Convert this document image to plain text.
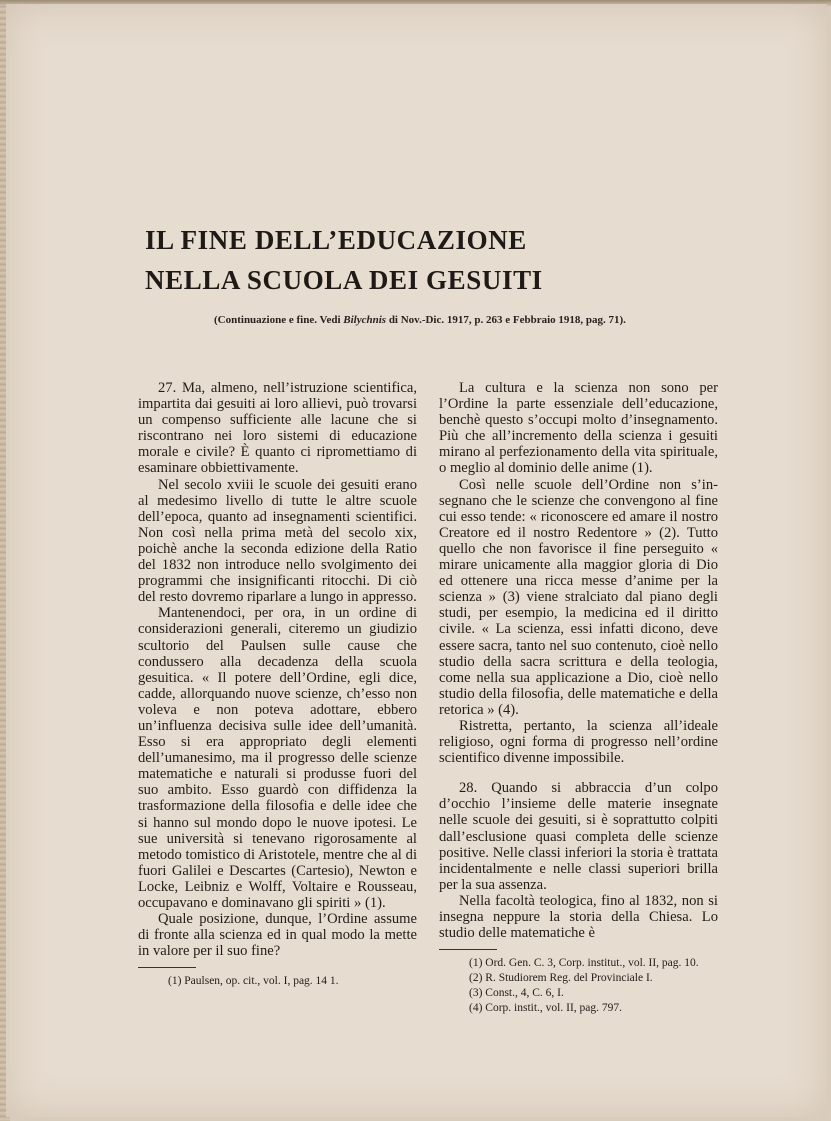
IL FINE DELL’EDUCAZIONE
NELLA SCUOLA DEI GESUITI
(Continuazione e fine. Vedi Bilychnis di Nov.-Dic. 1917, p. 263 e Febbraio 1918, pag. 71).

27. Ma, almeno, nell’istruzione scientifica, impartita dai gesuiti ai loro allievi, può trovarsi un compenso sufficiente alle lacune che si riscontrano nei loro sistemi di educazione morale e civile? È quanto ci ripromettiamo di esaminare obbiettivamente.

Nel secolo xviii le scuole dei gesuiti erano al medesimo livello di tutte le altre scuole dell’epoca, quanto ad insegnamenti scientifici. Non così nella prima metà del secolo xix, poichè anche la seconda edizione della Ratio del 1832 non introduce nello svolgimento dei programmi che insignificanti ritocchi. Di ciò del resto dovremo riparlare a lungo in appresso.

Mantenendoci, per ora, in un ordine di considerazioni generali, citeremo un giudizio scultorio del Paulsen sulle cause che condussero alla decadenza della scuola gesuitica. « Il potere dell’Ordine, egli dice, cadde, allorquando nuove scienze, ch’esso non voleva e non poteva adottare, ebbero un’influenza decisiva sulle idee dell’umanità. Esso si era appropriato degli elementi dell’umanesimo, ma il progresso delle scienze matematiche e naturali si produsse fuori del suo ambito. Esso guardò con diffidenza la trasformazione della filosofia e delle idee che si hanno sul mondo dopo le nuove ipotesi. Le sue università si tenevano rigorosamente al metodo tomistico di Aristotele, mentre che al di fuori Galilei e Descartes (Cartesio), Newton e Locke, Leibniz e Wolff, Voltaire e Rousseau, occupavano e dominavano gli spiriti » (1).

Quale posizione, dunque, l’Ordine assume di fronte alla scienza ed in qual modo la mette in valore per il suo fine?

(1) Paulsen, op. cit., vol. I, pag. 14 1.

La cultura e la scienza non sono per l’Ordine la parte essenziale dell’educazione, benchè questo s’occupi molto d’insegnamento. Più che all’incremento della scienza i gesuiti mirano al perfezionamento della vita spirituale, o meglio al dominio delle anime (1).

Così nelle scuole dell’Ordine non s’insegnano che le scienze che convengono al fine cui esso tende: « riconoscere ed amare il nostro Creatore ed il nostro Redentore » (2). Tutto quello che non favorisce il fine perseguito « mirare unicamente alla maggior gloria di Dio ed ottenere una ricca messe d’anime per la scienza » (3) viene stralciato dal piano degli studi, per esempio, la medicina ed il diritto civile. « La scienza, essi infatti dicono, deve essere sacra, tanto nel suo contenuto, cioè nello studio della sacra scrittura e della teologia, come nella sua applicazione a Dio, cioè nello studio della filosofia, delle matematiche e della retorica » (4).

Ristretta, pertanto, la scienza all’ideale religioso, ogni forma di progresso nell’ordine scientifico divenne impossibile.

28. Quando si abbraccia d’un colpo d’occhio l’insieme delle materie insegnate nelle scuole dei gesuiti, si è soprattutto colpiti dall’esclusione quasi completa delle scienze positive. Nelle classi inferiori la storia è trattata incidentalmente e nelle classi superiori brilla per la sua assenza.

Nella facoltà teologica, fino al 1832, non si insegna neppure la storia della Chiesa. Lo studio delle matematiche è

(1) Ord. Gen. C. 3, Corp. institut., vol. II, pag. 10.

(2) R. Studiorem Reg. del Provinciale I.

(3) Const., 4, C. 6, I.

(4) Corp. instit., vol. II, pag. 797.
